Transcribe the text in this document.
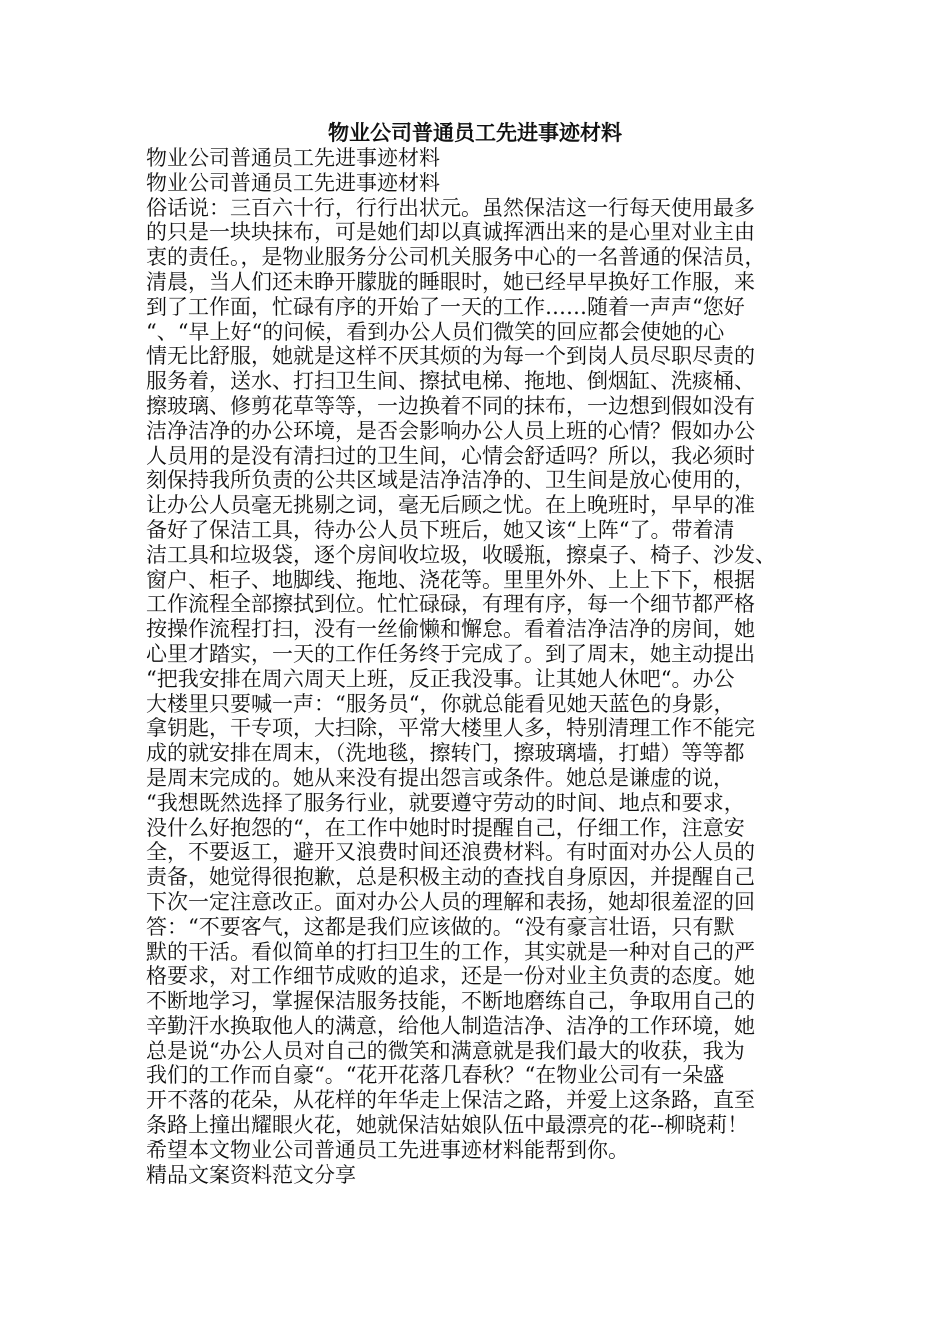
物业公司普通员工先进事迹材料
物业公司普通员工先进事迹材料
物业公司普通员工先进事迹材料
俗话说：三百六十行，行行出状元。虽然保洁这一行每天使用最多
的只是一块块抹布，可是她们却以真诚挥洒出来的是心里对业主由
衷的责任。，是物业服务分公司机关服务中心的一名普通的保洁员，
清晨，当人们还未睁开朦胧的睡眼时，她已经早早换好工作服，来
到了工作面，忙碌有序的开始了一天的工作……随着一声声“您好
“、“早上好“的问候，看到办公人员们微笑的回应都会使她的心
情无比舒服，她就是这样不厌其烦的为每一个到岗人员尽职尽责的
服务着，送水、打扫卫生间、擦拭电梯、拖地、倒烟缸、洗痰桶、
擦玻璃、修剪花草等等，一边换着不同的抹布，一边想到假如没有
洁净洁净的办公环境，是否会影响办公人员上班的心情？假如办公
人员用的是没有清扫过的卫生间，心情会舒适吗？所以，我必须时
刻保持我所负责的公共区域是洁净洁净的、卫生间是放心使用的，
让办公人员毫无挑剔之词，毫无后顾之忧。在上晚班时，早早的准
备好了保洁工具，待办公人员下班后，她又该“上阵“了。带着清
洁工具和垃圾袋，逐个房间收垃圾，收暖瓶，擦桌子、椅子、沙发、
窗户、柜子、地脚线、拖地、浇花等。里里外外、上上下下，根据
工作流程全部擦拭到位。忙忙碌碌，有理有序，每一个细节都严格
按操作流程打扫，没有一丝偷懒和懈怠。看着洁净洁净的房间，她
心里才踏实，一天的工作任务终于完成了。到了周末，她主动提出
“把我安排在周六周天上班，反正我没事。让其她人休吧“。办公
大楼里只要喊一声：“服务员“，你就总能看见她天蓝色的身影，
拿钥匙，干专项，大扫除，平常大楼里人多，特别清理工作不能完
成的就安排在周末，（洗地毯，擦转门，擦玻璃墙，打蜡）等等都
是周末完成的。她从来没有提出怨言或条件。她总是谦虚的说，
“我想既然选择了服务行业，就要遵守劳动的时间、地点和要求，
没什么好抱怨的“，在工作中她时时提醒自己，仔细工作，注意安
全，不要返工，避开又浪费时间还浪费材料。有时面对办公人员的
责备，她觉得很抱歉，总是积极主动的查找自身原因，并提醒自己
下次一定注意改正。面对办公人员的理解和表扬，她却很羞涩的回
答：“不要客气，这都是我们应该做的。“没有豪言壮语，只有默
默的干活。看似简单的打扫卫生的工作，其实就是一种对自己的严
格要求，对工作细节成败的追求，还是一份对业主负责的态度。她
不断地学习，掌握保洁服务技能，不断地磨练自己，争取用自己的
辛勤汗水换取他人的满意，给他人制造洁净、洁净的工作环境，她
总是说“办公人员对自己的微笑和满意就是我们最大的收获，我为
我们的工作而自豪“。“花开花落几春秋？“在物业公司有一朵盛
开不落的花朵，从花样的年华走上保洁之路，并爱上这条路，直至
条路上撞出耀眼火花，她就保洁姑娘队伍中最漂亮的花--柳晓莉！
希望本文物业公司普通员工先进事迹材料能帮到你。
精品文案资料范文分享
